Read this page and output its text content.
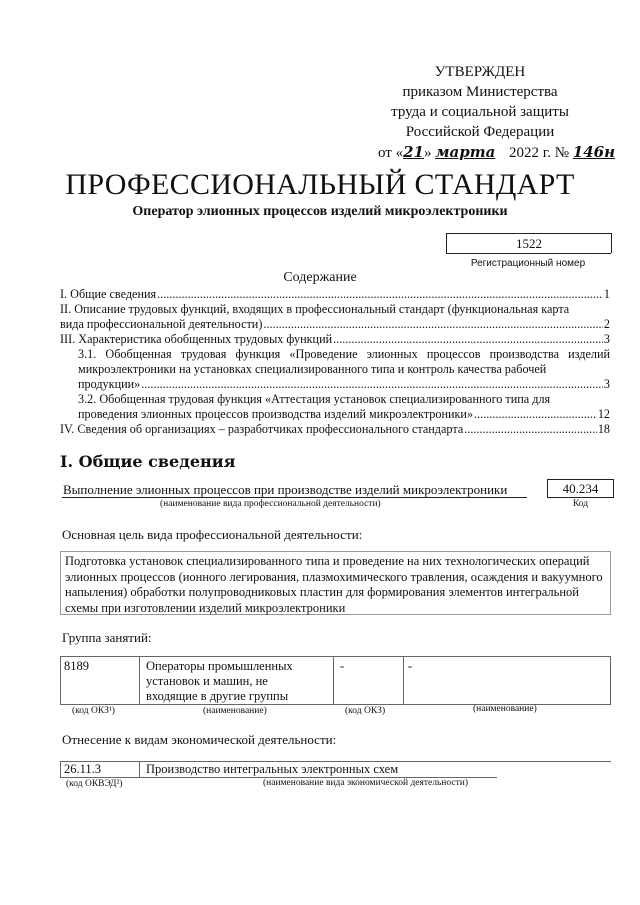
УТВЕРЖДЕН
приказом Министерства
труда и социальной защиты
Российской Федерации
от «21» марта 2022 г. № 146н
ПРОФЕССИОНАЛЬНЫЙ СТАНДАРТ
Оператор элионных процессов изделий микроэлектроники
1522
Регистрационный номер
Содержание
I. Общие сведения .....	1
II. Описание трудовых функций, входящих в профессиональный стандарт (функциональная карта
вида профессиональной деятельности) .....	2
III. Характеристика обобщенных трудовых функций .....	3
3.1. Обобщенная трудовая функция «Проведение элионных процессов производства изделий микроэлектроники на установках специализированного типа и контроль качества рабочей
продукции» .....	3
3.2. Обобщенная трудовая функция «Аттестация установок специализированного типа для
проведения элионных процессов производства изделий микроэлектроники» .....	12
IV. Сведения об организациях – разработчиках профессионального стандарта .....	18
I. Общие сведения
Выполнение элионных процессов при производстве изделий микроэлектроники
(наименование вида профессиональной деятельности)
40.234
Код
Основная цель вида профессиональной деятельности:
Подготовка установок специализированного типа и проведение на них технологических операций элионных процессов (ионного легирования, плазмохимического травления, осаждения и вакуумного напыления) обработки полупроводниковых пластин для формирования элементов интегральной схемы при изготовлении изделий микроэлектроники
Группа занятий:
8189	Операторы промышленных
установок и машин, не
входящие в другие группы
-	-
(код ОКЗ¹)	(наименование)	(код ОКЗ)	(наименование)
Отнесение к видам экономической деятельности:
26.11.3	Производство интегральных электронных схем
(код ОКВЭД²)	(наименование вида экономической деятельности)
